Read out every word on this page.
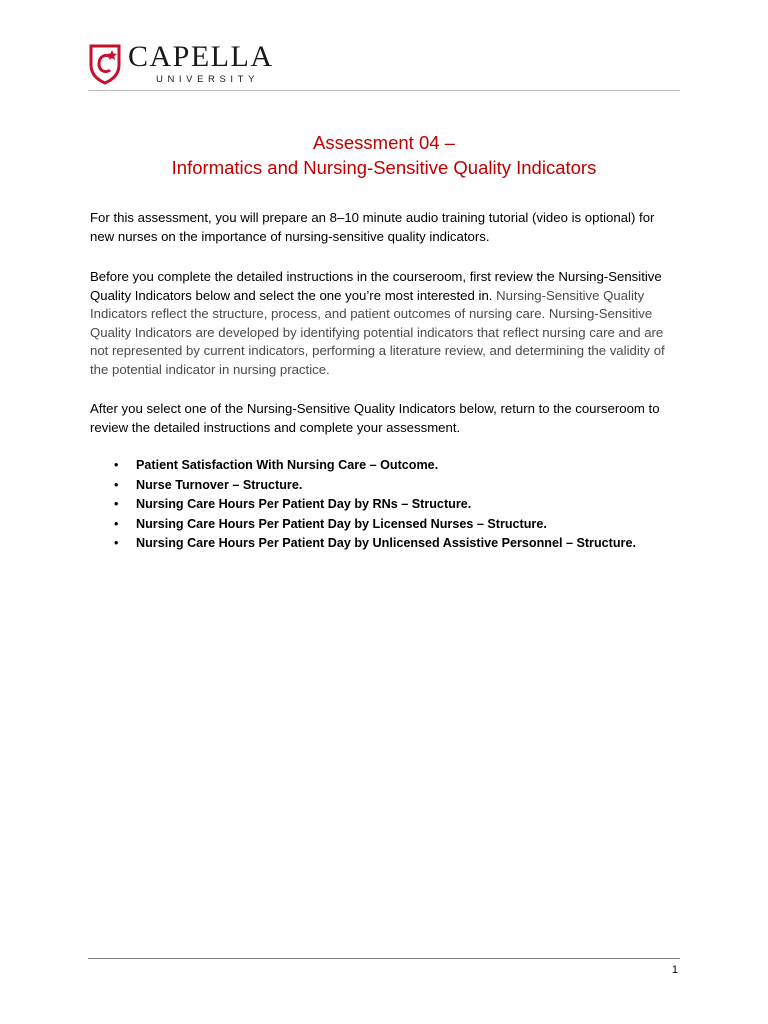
CAPELLA
UNIVERSITY
Assessment 04 –
Informatics and Nursing-Sensitive Quality Indicators

For this assessment, you will prepare an 8–10 minute audio training tutorial (video is optional) for new nurses on the importance of nursing-sensitive quality indicators.

Before you complete the detailed instructions in the courseroom, first review the Nursing-Sensitive Quality Indicators below and select the one you’re most interested in. Nursing-Sensitive Quality Indicators reflect the structure, process, and patient outcomes of nursing care. Nursing-Sensitive Quality Indicators are developed by identifying potential indicators that reflect nursing care and are not represented by current indicators, performing a literature review, and determining the validity of the potential indicator in nursing practice.

After you select one of the Nursing-Sensitive Quality Indicators below, return to the courseroom to review the detailed instructions and complete your assessment.

• Patient Satisfaction With Nursing Care – Outcome.
• Nurse Turnover – Structure.
• Nursing Care Hours Per Patient Day by RNs – Structure.
• Nursing Care Hours Per Patient Day by Licensed Nurses – Structure.
• Nursing Care Hours Per Patient Day by Unlicensed Assistive Personnel – Structure.
1
